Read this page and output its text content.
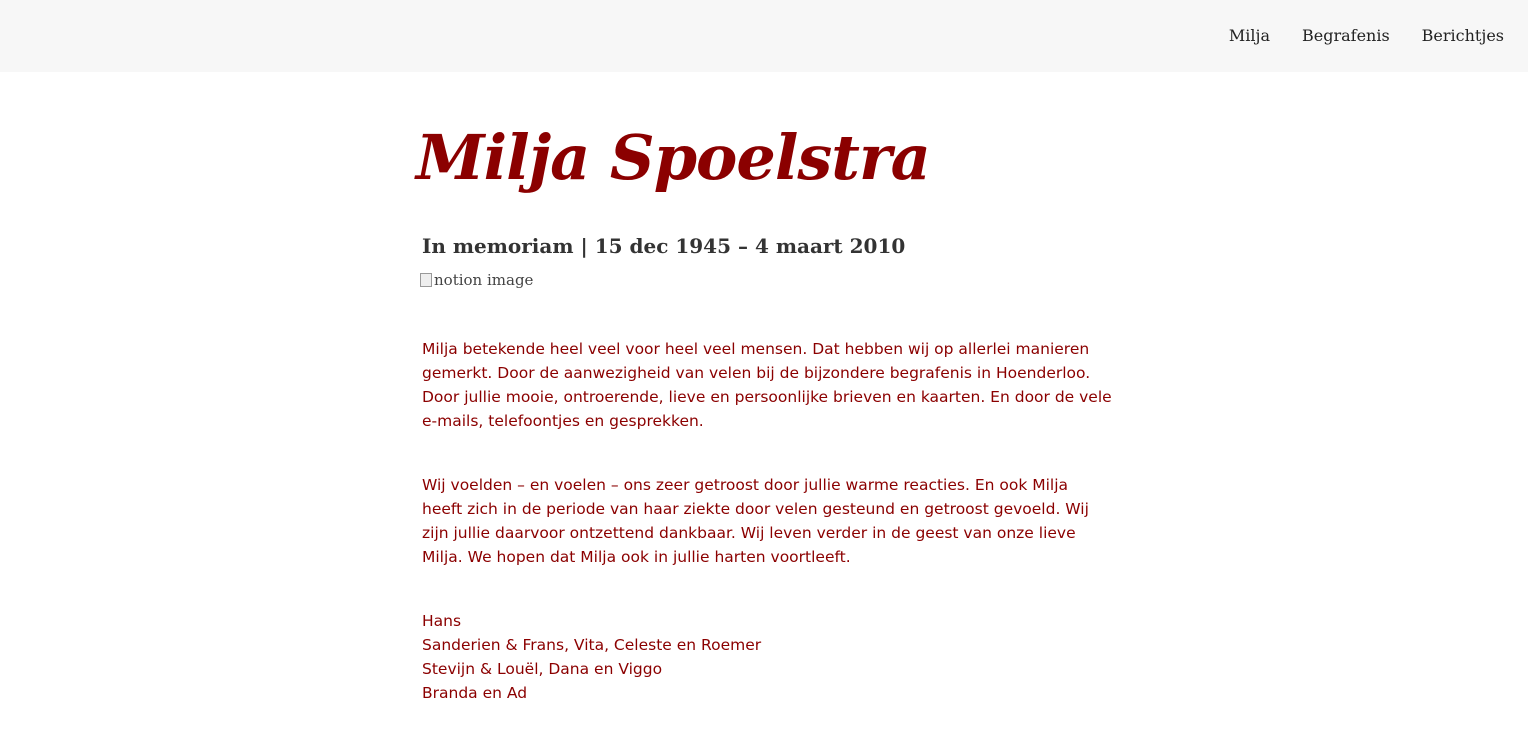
Milja Begrafenis Berichtjes
Milja Spoelstra
In memoriam | 15 dec 1945 – 4 maart 2010
notion image

Milja betekende heel veel voor heel veel mensen. Dat hebben wij op allerlei manieren gemerkt. Door de aanwezigheid van velen bij de bijzondere begrafenis in Hoenderloo. Door jullie mooie, ontroerende, lieve en persoonlijke brieven en kaarten. En door de vele e-mails, telefoontjes en gesprekken.

Wij voelden – en voelen – ons zeer getroost door jullie warme reacties. En ook Milja heeft zich in de periode van haar ziekte door velen gesteund en getroost gevoeld. Wij zijn jullie daarvoor ontzettend dankbaar. Wij leven verder in de geest van onze lieve Milja. We hopen dat Milja ook in jullie harten voortleeft.

Hans
Sanderien & Frans, Vita, Celeste en Roemer
Stevijn & Louël, Dana en Viggo
Branda en Ad
